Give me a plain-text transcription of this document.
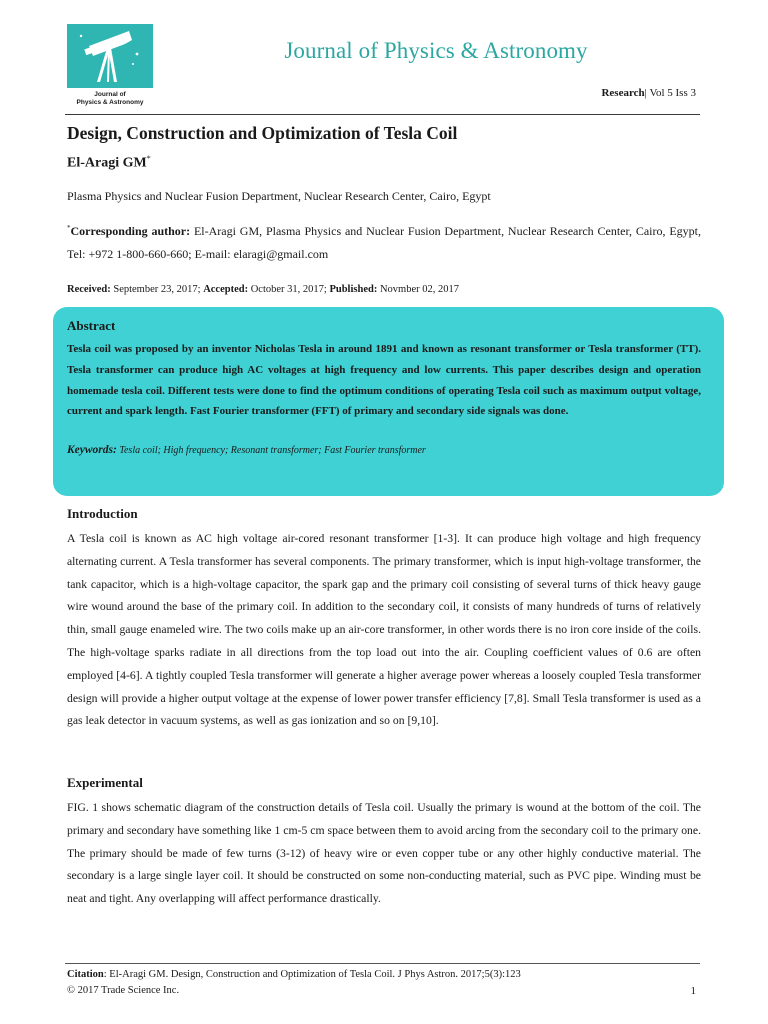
Journal of
Physics & Astronomy
Journal of Physics & Astronomy
Research| Vol 5 Iss 3
Design, Construction and Optimization of Tesla Coil
El-Aragi GM*
Plasma Physics and Nuclear Fusion Department, Nuclear Research Center, Cairo, Egypt
*Corresponding author: El-Aragi GM, Plasma Physics and Nuclear Fusion Department, Nuclear Research Center, Cairo, Egypt, Tel: +972 1-800-660-660; E-mail: elaragi@gmail.com
Received: September 23, 2017; Accepted: October 31, 2017; Published: Novmber 02, 2017
Abstract
Tesla coil was proposed by an inventor Nicholas Tesla in around 1891 and known as resonant transformer or Tesla transformer (TT). Tesla transformer can produce high AC voltages at high frequency and low currents. This paper describes design and operation homemade tesla coil. Different tests were done to find the optimum conditions of operating Tesla coil such as maximum output voltage, current and spark length. Fast Fourier transformer (FFT) of primary and secondary side signals was done.
Keywords: Tesla coil; High frequency; Resonant transformer; Fast Fourier transformer
Introduction
A Tesla coil is known as AC high voltage air-cored resonant transformer [1-3]. It can produce high voltage and high frequency alternating current. A Tesla transformer has several components. The primary transformer, which is input high-voltage transformer, the tank capacitor, which is a high-voltage capacitor, the spark gap and the primary coil consisting of several turns of thick heavy gauge wire wound around the base of the primary coil. In addition to the secondary coil, it consists of many hundreds of turns of relatively thin, small gauge enameled wire. The two coils make up an air-core transformer, in other words there is no iron core inside of the coils. The high-voltage sparks radiate in all directions from the top load out into the air. Coupling coefficient values of 0.6 are often employed [4-6]. A tightly coupled Tesla transformer will generate a higher average power whereas a loosely coupled Tesla transformer design will provide a higher output voltage at the expense of lower power transfer efficiency [7,8]. Small Tesla transformer is used as a gas leak detector in vacuum systems, as well as gas ionization and so on [9,10].
Experimental
FIG. 1 shows schematic diagram of the construction details of Tesla coil. Usually the primary is wound at the bottom of the coil. The primary and secondary have something like 1 cm-5 cm space between them to avoid arcing from the secondary coil to the primary one. The primary should be made of few turns (3-12) of heavy wire or even copper tube or any other highly conductive material. The secondary is a large single layer coil. It should be constructed on some non-conducting material, such as PVC pipe. Winding must be neat and tight. Any overlapping will affect performance drastically.
Citation: El-Aragi GM. Design, Construction and Optimization of Tesla Coil. J Phys Astron. 2017;5(3):123
© 2017 Trade Science Inc.	1
